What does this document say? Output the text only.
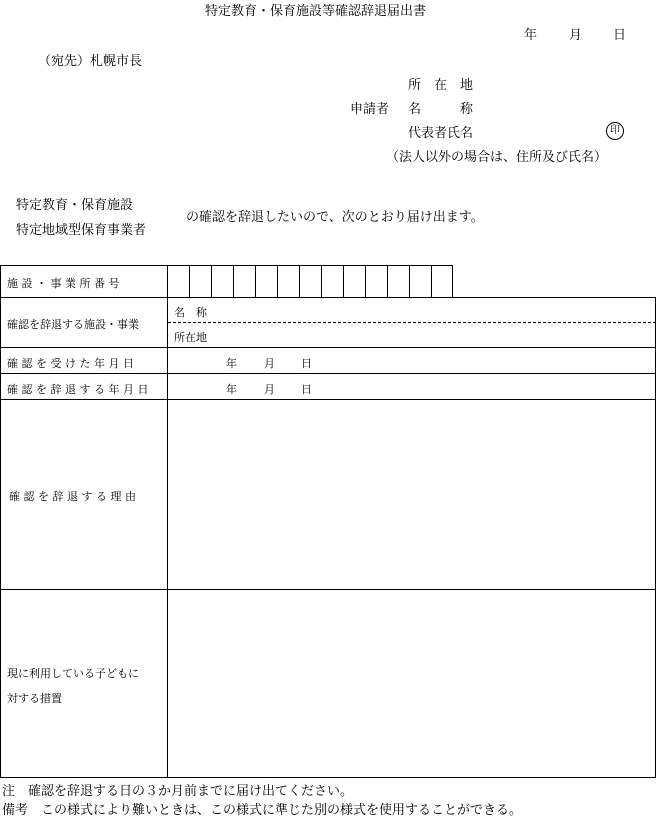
特定教育・保育施設等確認辞退届出書
年 月 日
（宛先）札幌市長
所　在　地
申請者 名　　　称
代表者氏名	印
（法人以外の場合は、住所及び氏名）
特定教育・保育施設
特定地域型保育事業者
の確認を辞退したいので、次のとおり届け出ます。
施 設 ・ 事 業 所 番 号
確認を辞退する施設・事業
名　称
所在地
確 認 を 受 け た 年 月 日	年 月 日
確 認 を 辞 退 す る 年 月 日	年 月 日
確 認 を 辞 退 す る 理 由
現に利用している子どもに
対する措置
注　確認を辞退する日の３か月前までに届け出てください。
備考　この様式により難いときは、この様式に準じた別の様式を使用することができる。
